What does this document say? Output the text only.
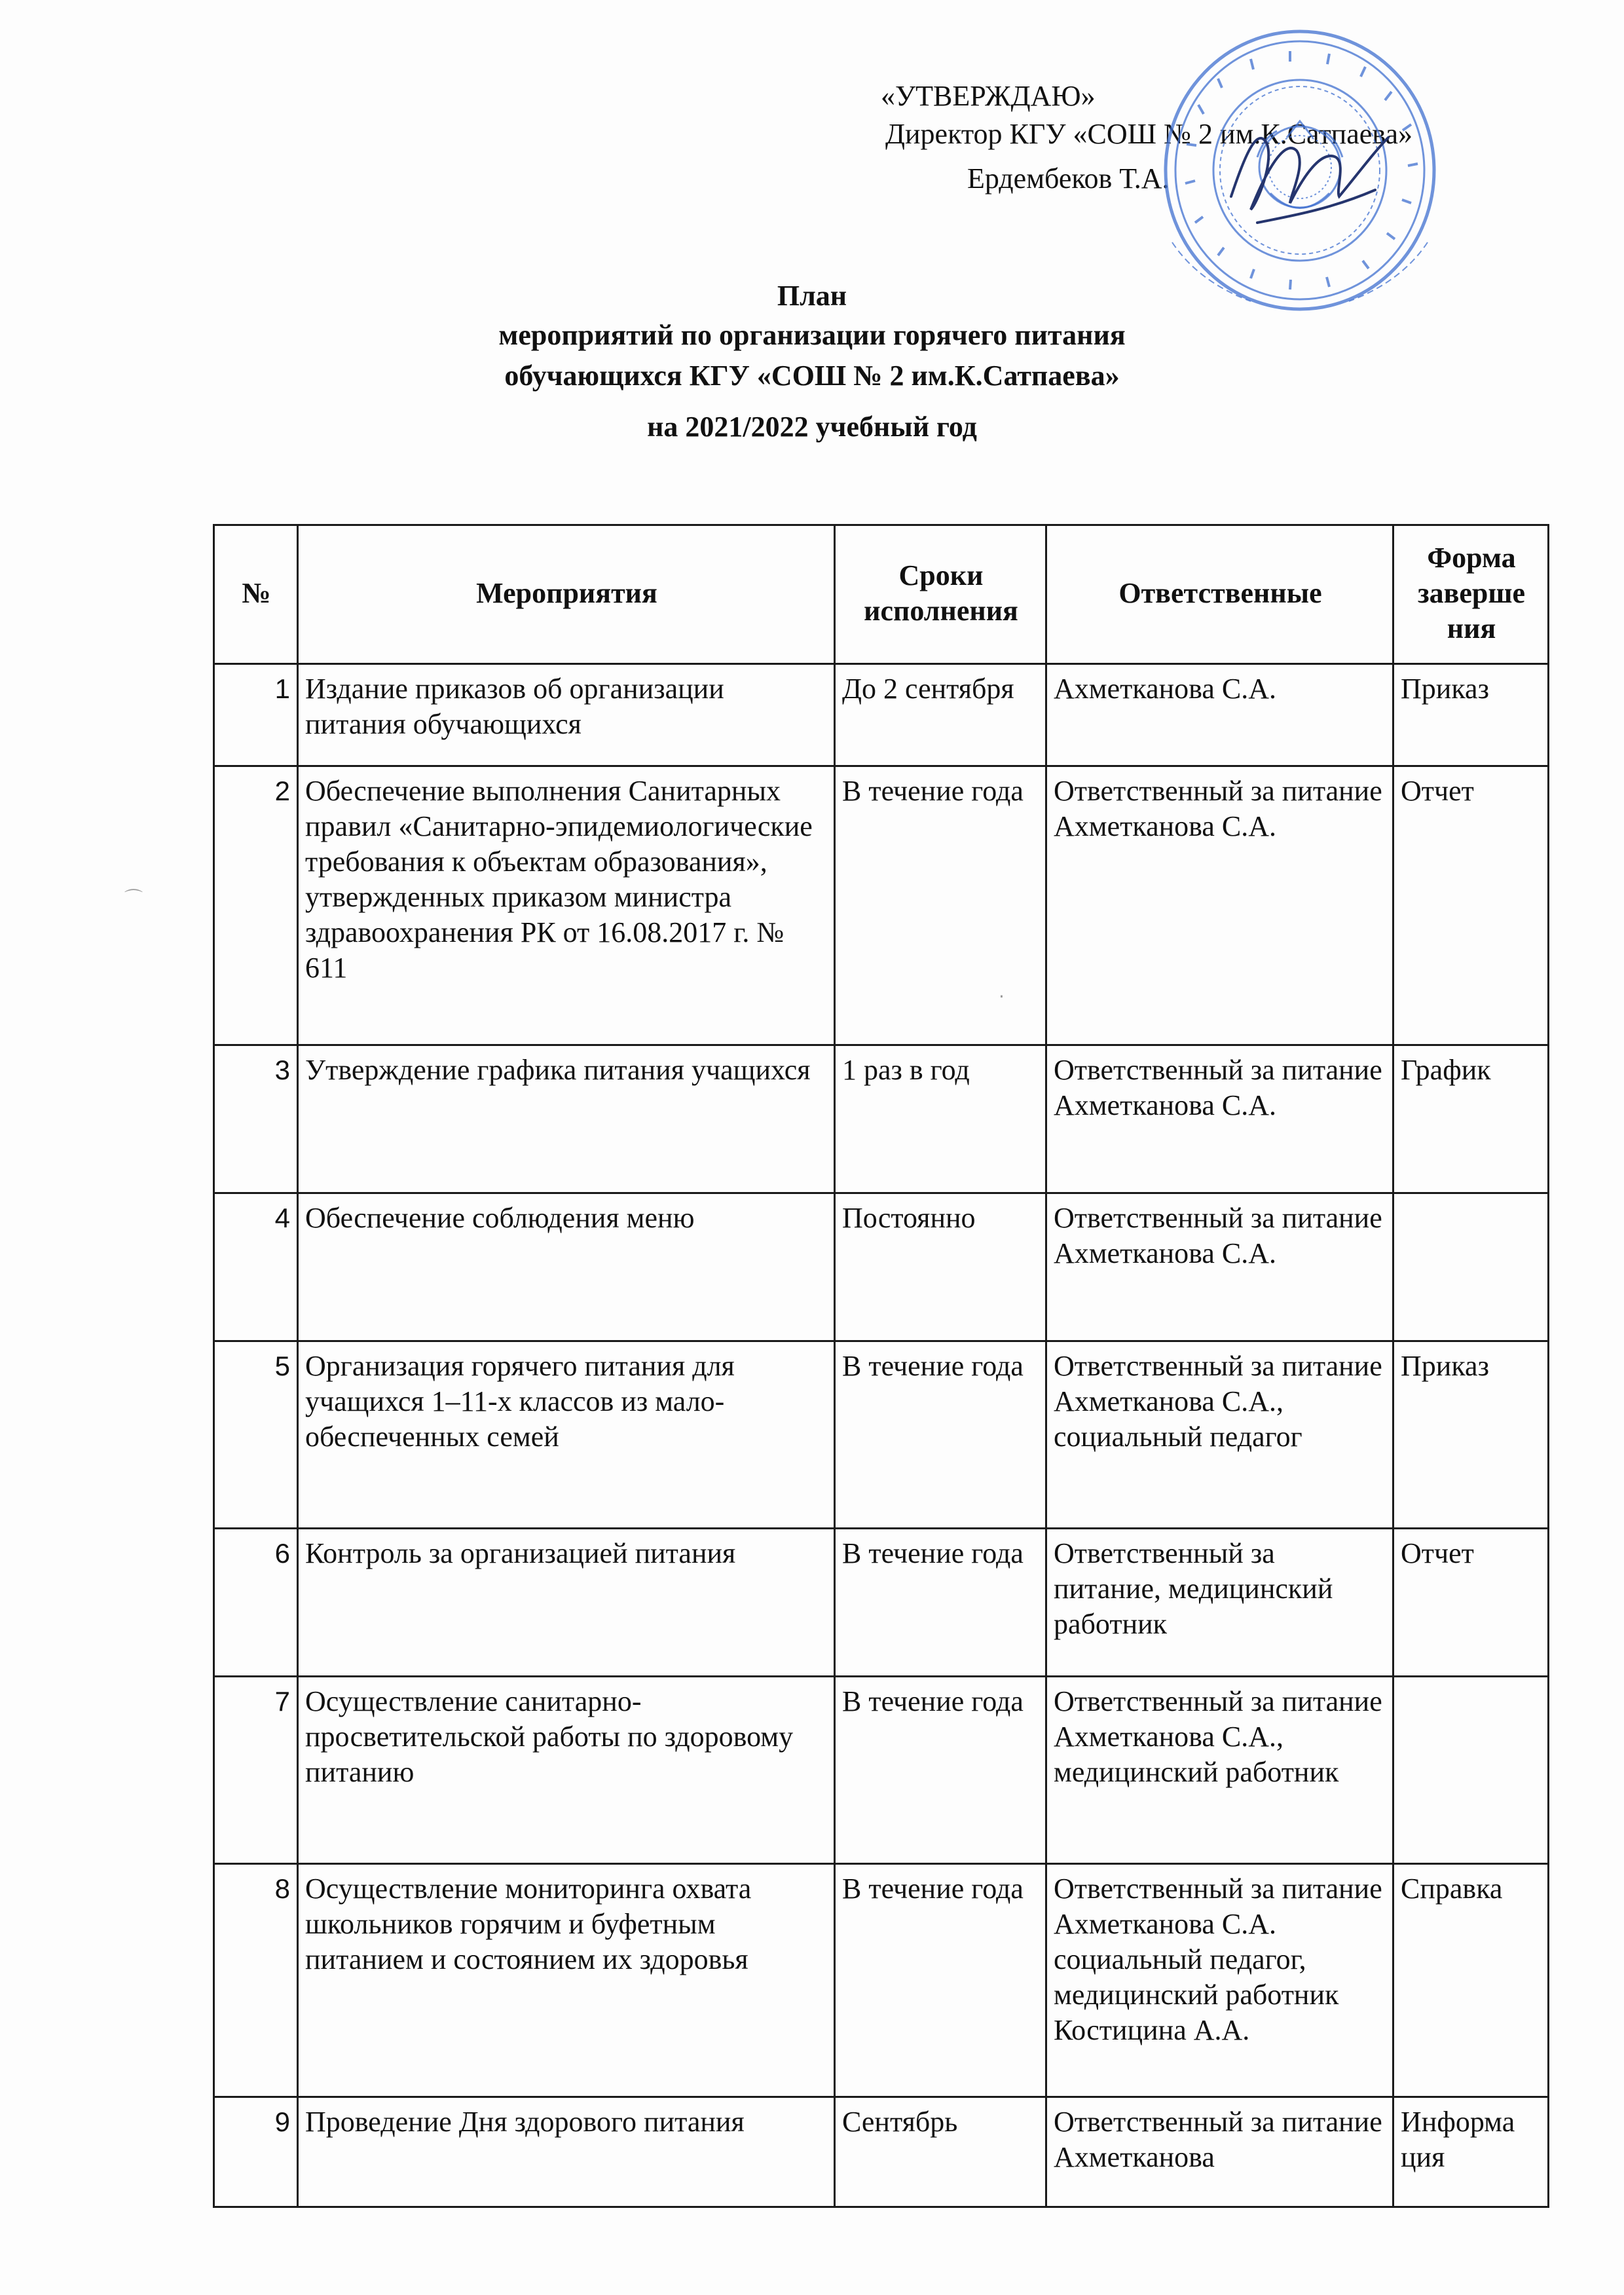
«УТВЕРЖДАЮ»
Директор КГУ «СОШ № 2 им.К.Сатпаева»
Ердембеков Т.А.
План
мероприятий по организации горячего питания
обучающихся КГУ «СОШ № 2 им.К.Сатпаева»
на 2021/2022 учебный год
№	Мероприятия	Сроки исполнения	Ответственные	Форма заверше ния
1	Издание приказов об организации питания обучающихся	До 2 сентября	Ахметканова С.А.	Приказ
2	Обеспечение выполнения Санитарных правил «Санитарно-эпидемиологические требования к объектам образования», утвержденных приказом министра здравоохранения РК от 16.08.2017 г. № 611	В течение года	Ответственный за питание Ахметканова С.А.	Отчет
3	Утверждение графика питания учащихся	1 раз в год	Ответственный за питание Ахметканова С.А.	График
4	Обеспечение соблюдения меню	Постоянно	Ответственный за питание Ахметканова С.А.	
5	Организация горячего питания для учащихся 1–11-х классов из мало-обеспеченных семей	В течение года	Ответственный за питание Ахметканова С.А., социальный педагог	Приказ
6	Контроль за организацией питания	В течение года	Ответственный за питание, медицинский работник	Отчет
7	Осуществление санитарно-просветительской работы по здоровому питанию	В течение года	Ответственный за питание Ахметканова С.А., медицинский работник	
8	Осуществление мониторинга охвата школьников горячим и буфетным питанием и состоянием их здоровья	В течение года	Ответственный за питание Ахметканова С.А. социальный педагог, медицинский работник Костицина А.А.	Справка
9	Проведение Дня здорового питания	Сентябрь	Ответственный за питание Ахметканова	Информа ция
⌒
·
